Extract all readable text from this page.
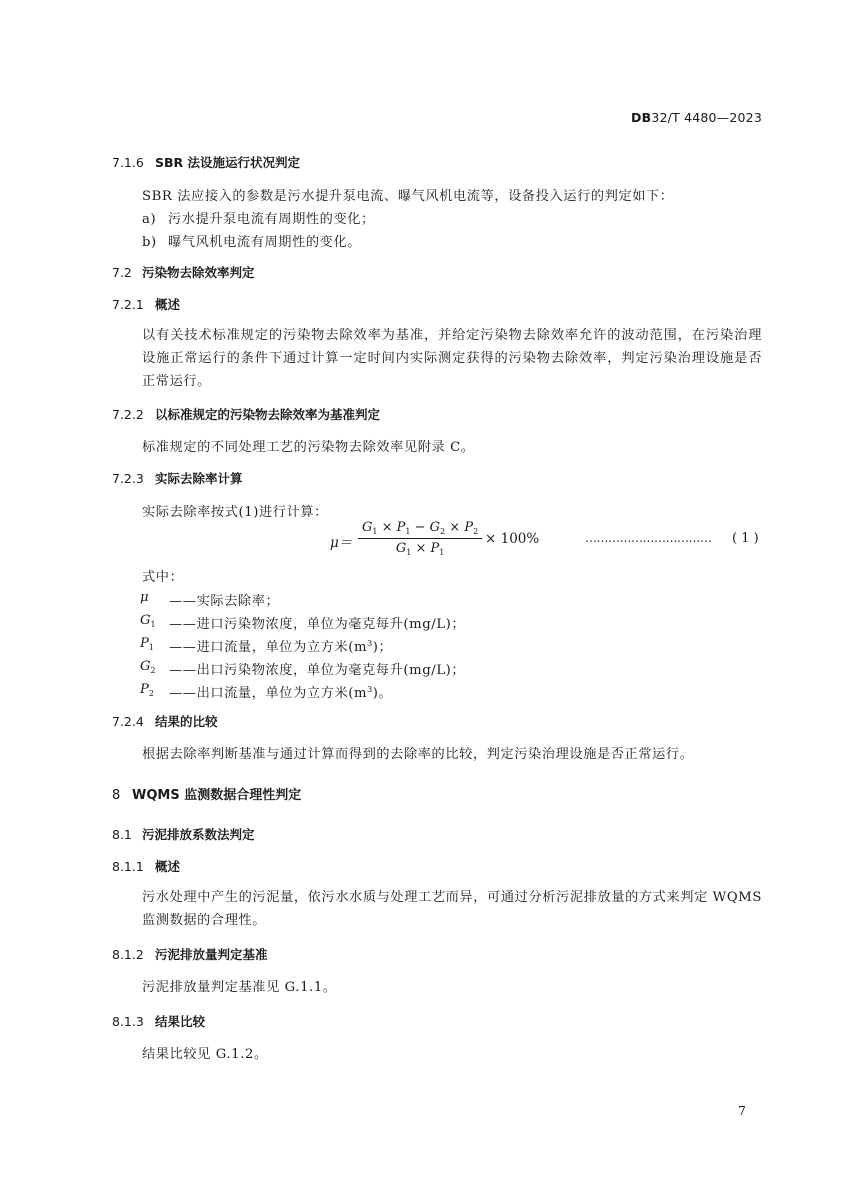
DB32/T 4480—2023
7.1.6 SBR 法设施运行状况判定
SBR 法应接入的参数是污水提升泵电流、曝气风机电流等，设备投入运行的判定如下：
a) 污水提升泵电流有周期性的变化；
b) 曝气风机电流有周期性的变化。
7.2 污染物去除效率判定
7.2.1 概述
以有关技术标准规定的污染物去除效率为基准，并给定污染物去除效率允许的波动范围，在污染治理设施正常运行的条件下通过计算一定时间内实际测定获得的污染物去除效率，判定污染治理设施是否正常运行。
7.2.2 以标准规定的污染物去除效率为基准判定
标准规定的不同处理工艺的污染物去除效率见附录 C。
7.2.3 实际去除率计算
实际去除率按式(1)进行计算：
$\mu= \frac{G_1 \times P_1 - G_2 \times P_2}{G_1 \times P_1} \times 100\%$	…………………………… ( 1 )
式中：
μ ——实际去除率；
$G_1$ ——进口污染物浓度，单位为毫克每升(mg/L)；
$P_1$ ——进口流量，单位为立方米$(m^3)$；
$G_2$ ——出口污染物浓度，单位为毫克每升(mg/L)；
$P_2$ ——出口流量，单位为立方米$(m^3)$。
7.2.4 结果的比较
根据去除率判断基准与通过计算而得到的去除率的比较，判定污染治理设施是否正常运行。
8 WQMS 监测数据合理性判定
8.1 污泥排放系数法判定
8.1.1 概述
污水处理中产生的污泥量，依污水水质与处理工艺而异，可通过分析污泥排放量的方式来判定 WQMS 监测数据的合理性。
8.1.2 污泥排放量判定基准
污泥排放量判定基准见 G.1.1。
8.1.3 结果比较
结果比较见 G.1.2。
7
